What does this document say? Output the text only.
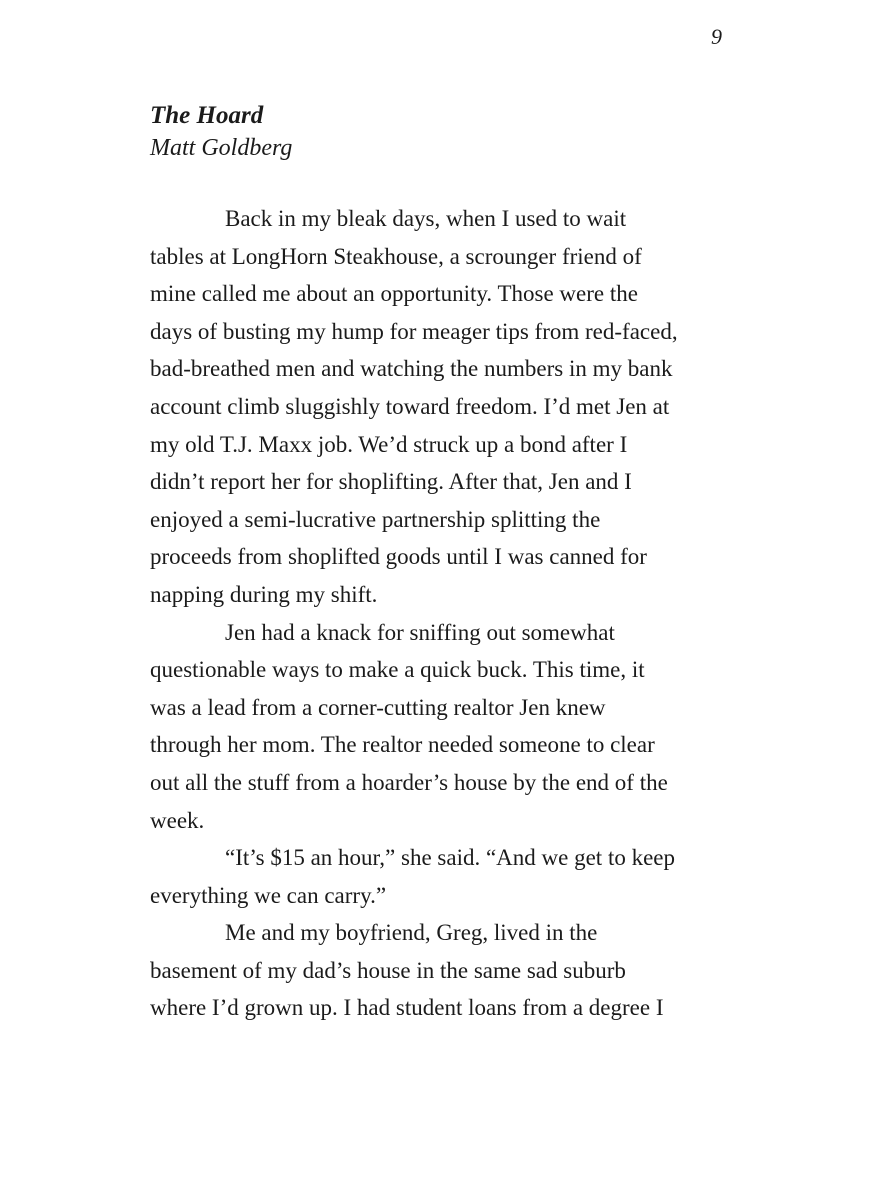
9

The Hoard

Matt Goldberg

Back in my bleak days, when I used to wait
tables at LongHorn Steakhouse, a scrounger friend of
mine called me about an opportunity. Those were the
days of busting my hump for meager tips from red-faced,
bad-breathed men and watching the numbers in my bank
account climb sluggishly toward freedom. I’d met Jen at
my old T.J. Maxx job. We’d struck up a bond after I
didn’t report her for shoplifting. After that, Jen and I
enjoyed a semi-lucrative partnership splitting the
proceeds from shoplifted goods until I was canned for
napping during my shift.
Jen had a knack for sniffing out somewhat
questionable ways to make a quick buck. This time, it
was a lead from a corner-cutting realtor Jen knew
through her mom. The realtor needed someone to clear
out all the stuff from a hoarder’s house by the end of the
week.
“It’s $15 an hour,” she said. “And we get to keep
everything we can carry.”
Me and my boyfriend, Greg, lived in the
basement of my dad’s house in the same sad suburb
where I’d grown up. I had student loans from a degree I
